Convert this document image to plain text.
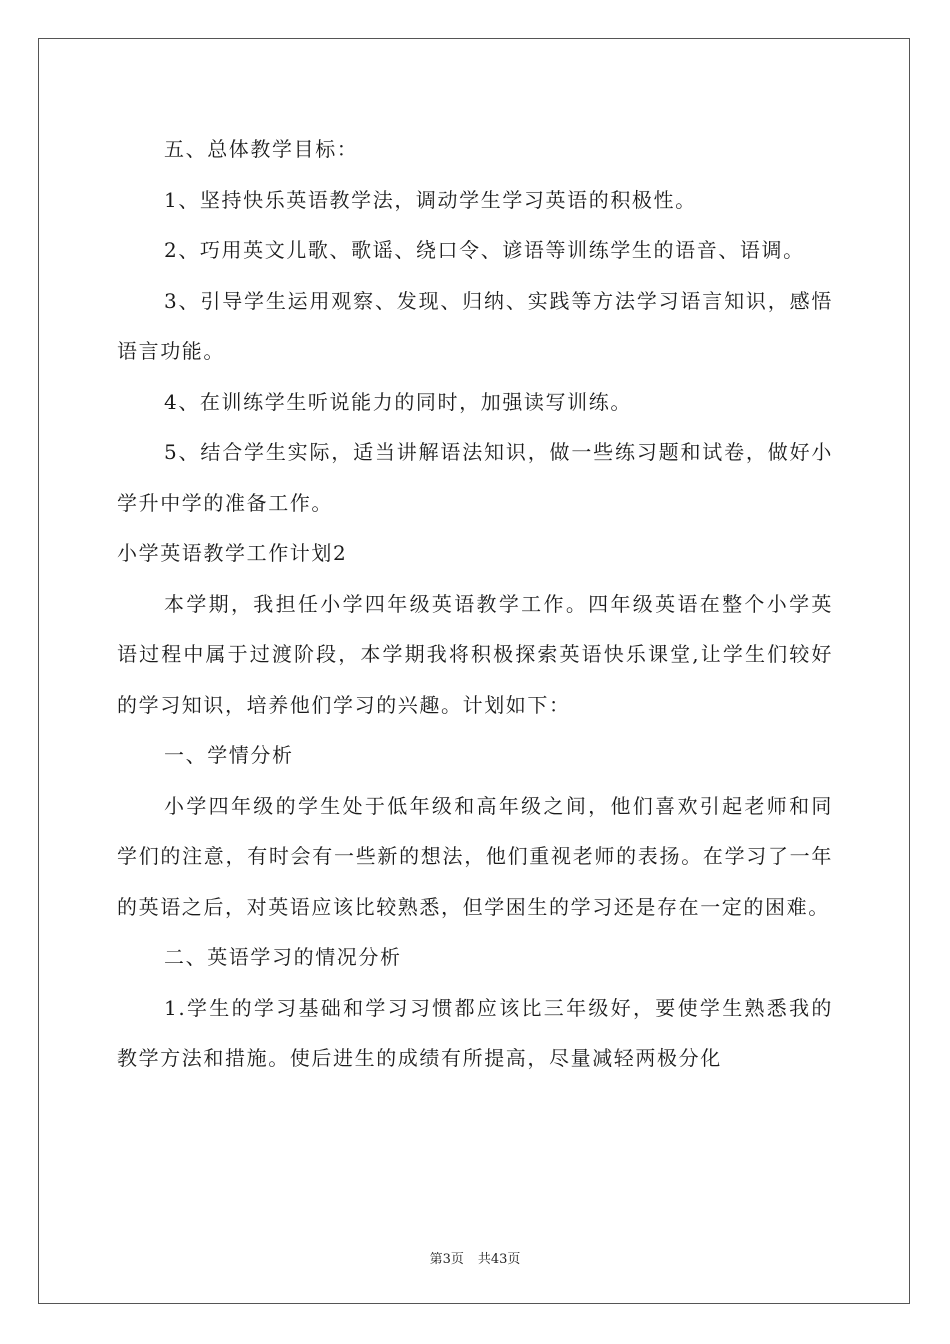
五、总体教学目标：

1、坚持快乐英语教学法，调动学生学习英语的积极性。

2、巧用英文儿歌、歌谣、绕口令、谚语等训练学生的语音、语调。

3、引导学生运用观察、发现、归纳、实践等方法学习语言知识，感悟语言功能。

4、在训练学生听说能力的同时，加强读写训练。

5、结合学生实际，适当讲解语法知识，做一些练习题和试卷，做好小学升中学的准备工作。

小学英语教学工作计划2

本学期，我担任小学四年级英语教学工作。四年级英语在整个小学英语过程中属于过渡阶段，本学期我将积极探索英语快乐课堂,让学生们较好的学习知识，培养他们学习的兴趣。计划如下：

一、学情分析

小学四年级的学生处于低年级和高年级之间，他们喜欢引起老师和同学们的注意，有时会有一些新的想法，他们重视老师的表扬。在学习了一年的英语之后，对英语应该比较熟悉，但学困生的学习还是存在一定的困难。

二、英语学习的情况分析

1.学生的学习基础和学习习惯都应该比三年级好，要使学生熟悉我的教学方法和措施。使后进生的成绩有所提高，尽量减轻两极分化

第3页 共43页
